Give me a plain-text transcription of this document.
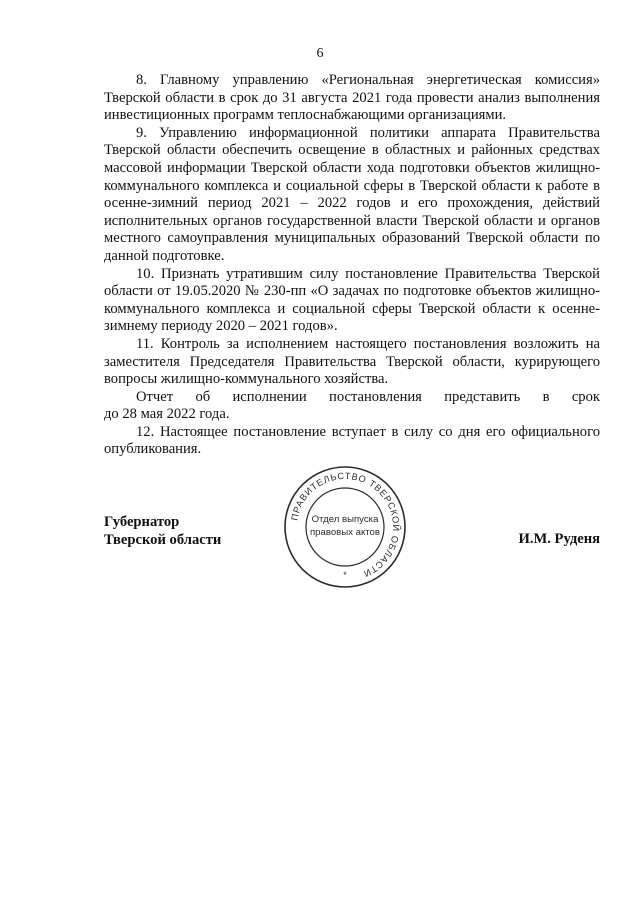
6

8. Главному управлению «Региональная энергетическая комиссия» Тверской области в срок до 31 августа 2021 года провести анализ выполнения инвестиционных программ теплоснабжающими организациями.

9. Управлению информационной политики аппарата Правительства Тверской области обеспечить освещение в областных и районных средствах массовой информации Тверской области хода подготовки объектов жилищно-коммунального комплекса и социальной сферы в Тверской области к работе в осенне-зимний период 2021 – 2022 годов и его прохождения, действий исполнительных органов государственной власти Тверской области и органов местного самоуправления муниципальных образований Тверской области по данной подготовке.

10. Признать утратившим силу постановление Правительства Тверской области от 19.05.2020 № 230-пп «О задачах по подготовке объектов жилищно-коммунального комплекса и социальной сферы Тверской области к осенне-зимнему периоду 2020 – 2021 годов».

11. Контроль за исполнением настоящего постановления возложить на заместителя Председателя Правительства Тверской области, курирующего вопросы жилищно-коммунального хозяйства.

Отчет об исполнении постановления представить в срок

до 28 мая 2022 года.

12. Настоящее постановление вступает в силу со дня его официального опубликования.

Губернатор
Тверской области	И.М. Руденя
ПРАВИТЕЛЬСТВО ТВЕРСКОЙ ОБЛАСТИ
Отдел выпуска
правовых актов
*
